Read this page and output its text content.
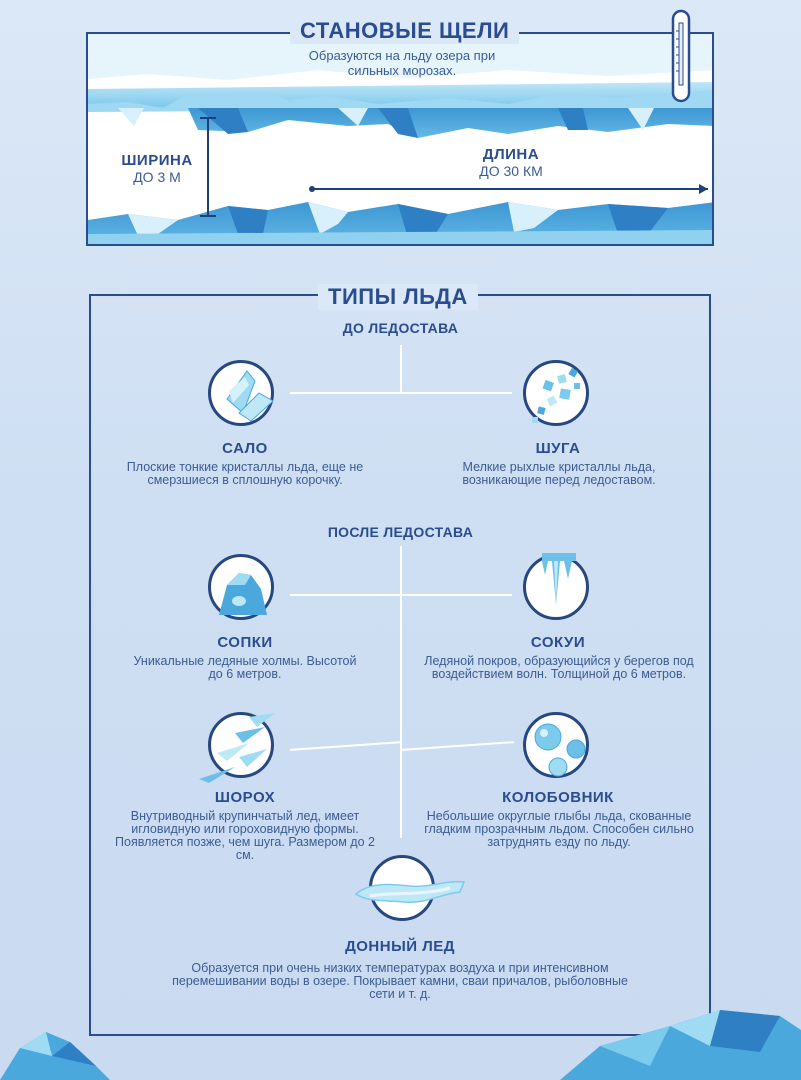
СТАНОВЫЕ ЩЕЛИ
Образуются на льду озера при сильных морозах.
ШИРИНА
ДО 3 М
ДЛИНА
ДО 30 КМ
ТИПЫ ЛЬДА
ДО ЛЕДОСТАВА
ПОСЛЕ ЛЕДОСТАВА
САЛО
Плоские тонкие кристаллы льда, еще не смерзшиеся в сплошную корочку.
ШУГА
Мелкие рыхлые кристаллы льда, возникающие перед ледоставом.
СОПКИ
Уникальные ледяные холмы. Высотой до 6 метров.
СОКУИ
Ледяной покров, образующийся у берегов под воздействием волн. Толщиной до 6 метров.
ШОРОХ
Внутриводный крупинчатый лед, имеет игловидную или гороховидную формы. Появляется позже, чем шуга. Размером до 2 см.
КОЛОБОВНИК
Небольшие округлые глыбы льда, скованные гладким прозрачным льдом. Способен сильно затруднять езду по льду.
ДОННЫЙ ЛЕД
Образуется при очень низких температурах воздуха и при интенсивном перемешивании воды в озере. Покрывает камни, сваи причалов, рыболовные сети и т. д.
